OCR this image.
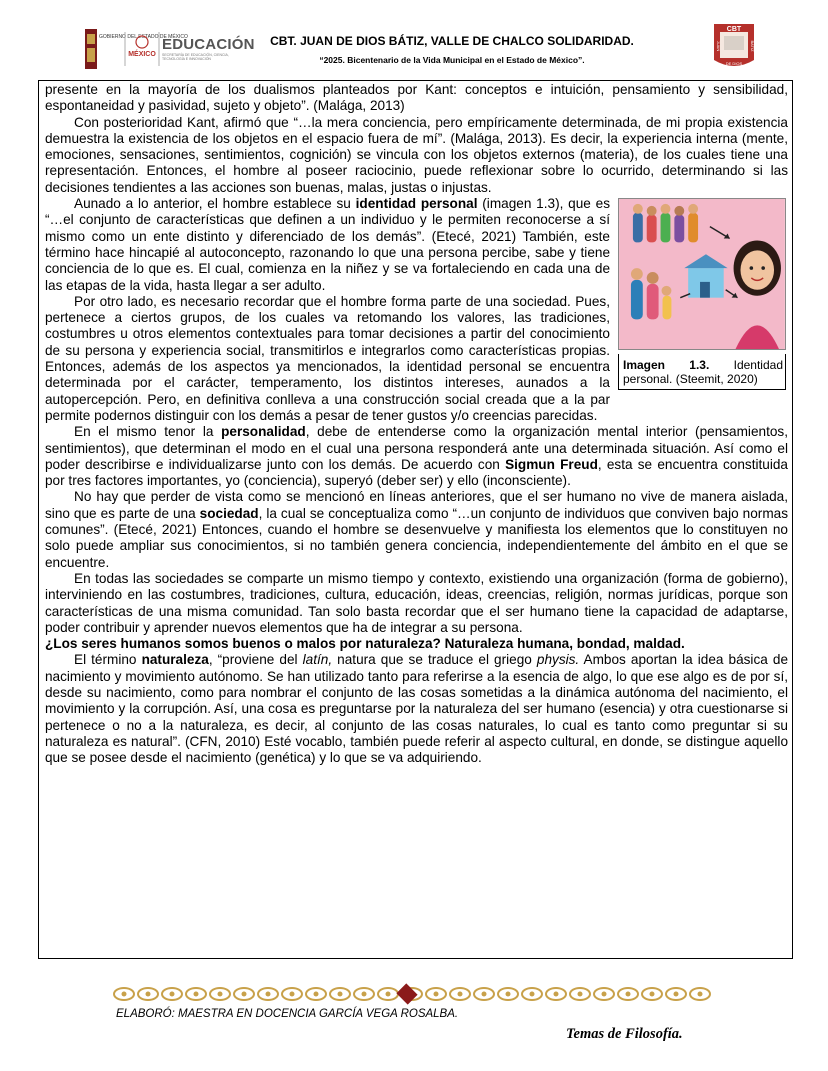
GOBIERNO DEL ESTADO DE MÉXICO
MÉXICO
EDUCACIÓN
SECRETARÍA DE EDUCACIÓN, CIENCIA, TECNOLOGÍA E INNOVACIÓN
CBT. JUAN DE DIOS BÁTIZ, VALLE DE CHALCO SOLIDARIDAD.
“2025. Bicentenario de la Vida Municipal en el Estado de México”.
CBT
JUAN	BATIZ
DE DIOS

presente en la mayoría de los dualismos planteados por Kant: conceptos e intuición, pensamiento y sensibilidad, espontaneidad y pasividad, sujeto y objeto”. (Malága, 2013)

Con posterioridad Kant, afirmó que “…la mera conciencia, pero empíricamente determinada, de mi propia existencia demuestra la existencia de los objetos en el espacio fuera de mí”. (Malága, 2013). Es decir, la experiencia interna (mente, emociones, sensaciones, sentimientos, cognición) se vincula con los objetos externos (materia), de los cuales tiene una representación. Entonces, el hombre al poseer raciocinio, puede reflexionar sobre lo ocurrido, determinando si las decisiones tendientes a las acciones son buenas, malas, justas o injustas.

Imagen 1.3. Identidad personal. (Steemit, 2020)

Aunado a lo anterior, el hombre establece su identidad personal (imagen 1.3), que es “…el conjunto de características que definen a un individuo y le permiten reconocerse a sí mismo como un ente distinto y diferenciado de los demás”. (Etecé, 2021) También, este término hace hincapié al autoconcepto, razonando lo que una persona percibe, sabe y tiene conciencia de lo que es. El cual, comienza en la niñez y se va fortaleciendo en cada una de las etapas de la vida, hasta llegar a ser adulto.

Por otro lado, es necesario recordar que el hombre forma parte de una sociedad. Pues, pertenece a ciertos grupos, de los cuales va retomando los valores, las tradiciones, costumbres u otros elementos contextuales para tomar decisiones a partir del conocimiento de su persona y experiencia social, transmitirlos e integrarlos como características propias. Entonces, además de los aspectos ya mencionados, la identidad personal se encuentra determinada por el carácter, temperamento, los distintos intereses, aunados a la autopercepción. Pero, en definitiva conlleva a una construcción social creada que a la par permite podernos distinguir con los demás a pesar de tener gustos y/o creencias parecidas.

En el mismo tenor la personalidad, debe de entenderse como la organización mental interior (pensamientos, sentimientos), que determinan el modo en el cual una persona responderá ante una determinada situación. Así como el poder describirse e individualizarse junto con los demás. De acuerdo con Sigmun Freud, esta se encuentra constituida por tres factores importantes, yo (conciencia), superyó (deber ser) y ello (inconsciente).

No hay que perder de vista como se mencionó en líneas anteriores, que el ser humano no vive de manera aislada, sino que es parte de una sociedad, la cual se conceptualiza como “…un conjunto de individuos que conviven bajo normas comunes”. (Etecé, 2021) Entonces, cuando el hombre se desenvuelve y manifiesta los elementos que lo constituyen no solo puede ampliar sus conocimientos, si no también genera conciencia, independientemente del ámbito en el que se encuentre.

En todas las sociedades se comparte un mismo tiempo y contexto, existiendo una organización (forma de gobierno), interviniendo en las costumbres, tradiciones, cultura, educación, ideas, creencias, religión, normas jurídicas, porque son características de una misma comunidad. Tan solo basta recordar que el ser humano tiene la capacidad de adaptarse, poder contribuir y aprender nuevos elementos que ha de integrar a su persona.

¿Los seres humanos somos buenos o malos por naturaleza? Naturaleza humana, bondad, maldad.

El término naturaleza, “proviene del latín, natura que se traduce el griego physis. Ambos aportan la idea básica de nacimiento y movimiento autónomo. Se han utilizado tanto para referirse a la esencia de algo, lo que ese algo es de por sí, desde su nacimiento, como para nombrar el conjunto de las cosas sometidas a la dinámica autónoma del nacimiento, el movimiento y la corrupción. Así, una cosa es preguntarse por la naturaleza del ser humano (esencia) y otra cuestionarse si pertenece o no a la naturaleza, es decir, al conjunto de las cosas naturales, lo cual es tanto como preguntar si su naturaleza es natural”. (CFN, 2010) Esté vocablo, también puede referir al aspecto cultural, en donde, se distingue aquello que se posee desde el nacimiento (genética) y lo que se va adquiriendo.

ELABORÓ: MAESTRA EN DOCENCIA GARCÍA VEGA ROSALBA.
Temas de Filosofía.
